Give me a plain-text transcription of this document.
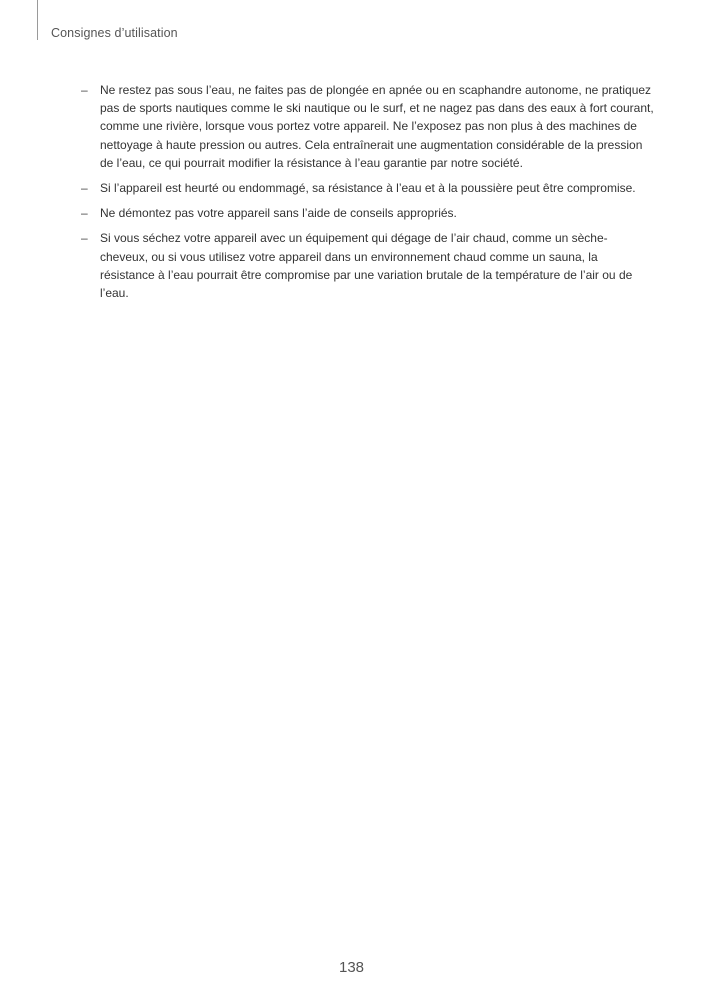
Consignes d’utilisation
–	Ne restez pas sous l’eau, ne faites pas de plongée en apnée ou en scaphandre autonome, ne pratiquez pas de sports nautiques comme le ski nautique ou le surf, et ne nagez pas dans des eaux à fort courant, comme une rivière, lorsque vous portez votre appareil. Ne l’exposez pas non plus à des machines de nettoyage à haute pression ou autres. Cela entraînerait une augmentation considérable de la pression de l’eau, ce qui pourrait modifier la résistance à l’eau garantie par notre société.
–	Si l’appareil est heurté ou endommagé, sa résistance à l’eau et à la poussière peut être compromise.
–	Ne démontez pas votre appareil sans l’aide de conseils appropriés.
–	Si vous séchez votre appareil avec un équipement qui dégage de l’air chaud, comme un sèche-cheveux, ou si vous utilisez votre appareil dans un environnement chaud comme un sauna, la résistance à l’eau pourrait être compromise par une variation brutale de la température de l’air ou de l’eau.
138
